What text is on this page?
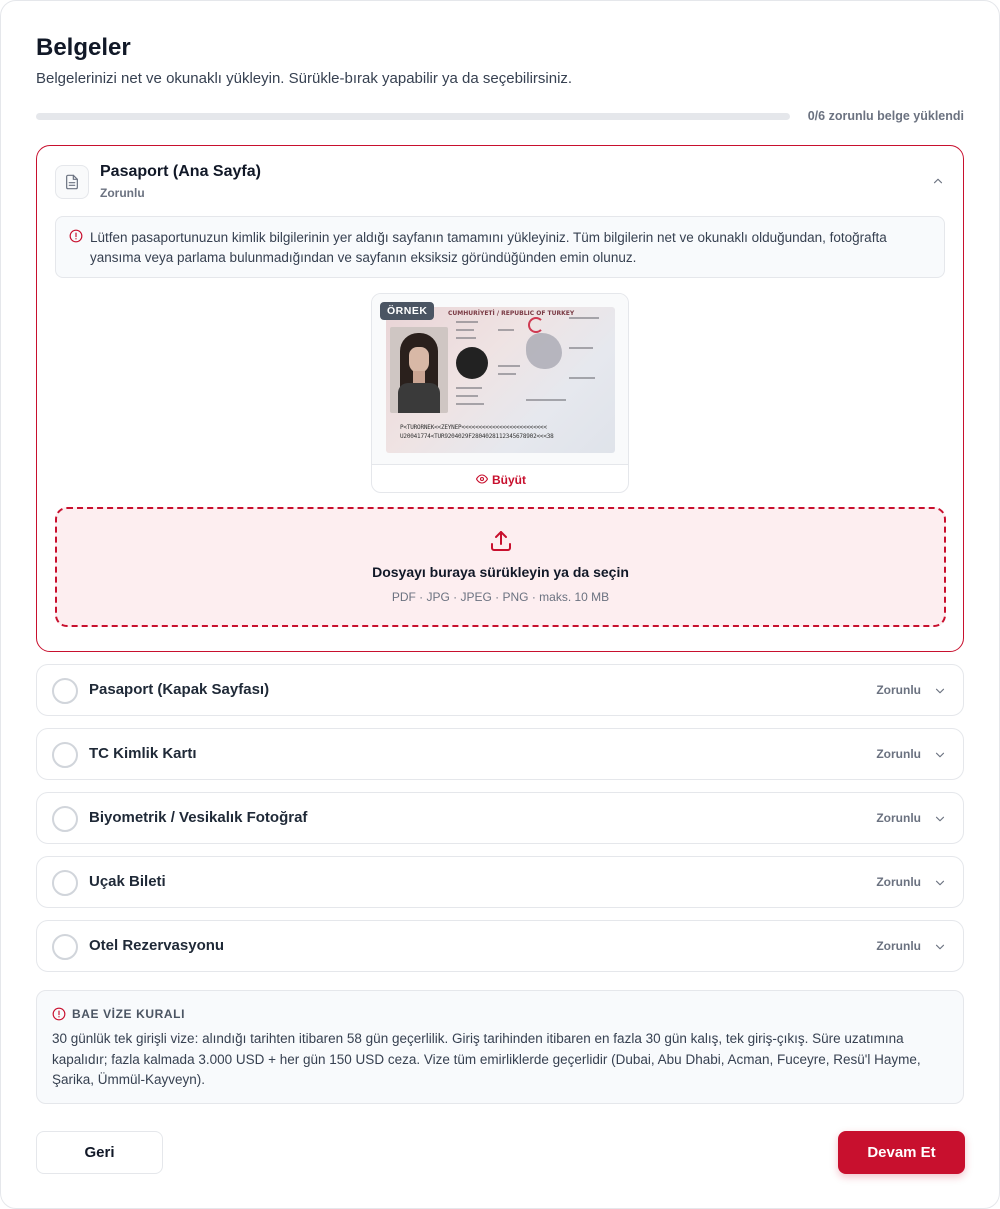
Belgeler
Belgelerinizi net ve okunaklı yükleyin. Sürükle-bırak yapabilir ya da seçebilirsiniz.
0/6 zorunlu belge yüklendi
Pasaport (Ana Sayfa)
Zorunlu
Lütfen pasaportunuzun kimlik bilgilerinin yer aldığı sayfanın tamamını yükleyiniz. Tüm bilgilerin net ve okunaklı olduğundan, fotoğrafta yansıma veya parlama bulunmadığından ve sayfanın eksiksiz göründüğünden emin olunuz.
CUMHURİYETİ / REPUBLIC OF TURKEY
P<TURORNEK<<ZEYNEP<<<<<<<<<<<<<<<<<<<<<<<<<
U20041774<TUR9204029F2804028112345678902<<<38
ÖRNEK
Büyüt
Dosyayı buraya sürükleyin ya da seçin
PDF · JPG · JPEG · PNG · maks. 10 MB
Pasaport (Kapak Sayfası)	Zorunlu
TC Kimlik Kartı	Zorunlu
Biyometrik / Vesikalık Fotoğraf	Zorunlu
Uçak Bileti	Zorunlu
Otel Rezervasyonu	Zorunlu
BAE VİZE KURALI
30 günlük tek girişli vize: alındığı tarihten itibaren 58 gün geçerlilik. Giriş tarihinden itibaren en fazla 30 gün kalış, tek giriş-çıkış. Süre uzatımına kapalıdır; fazla kalmada 3.000 USD + her gün 150 USD ceza. Vize tüm emirliklerde geçerlidir (Dubai, Abu Dhabi, Acman, Fuceyre, Resü'l Hayme, Şarika, Ümmül-Kayveyn).
Geri	Devam Et
